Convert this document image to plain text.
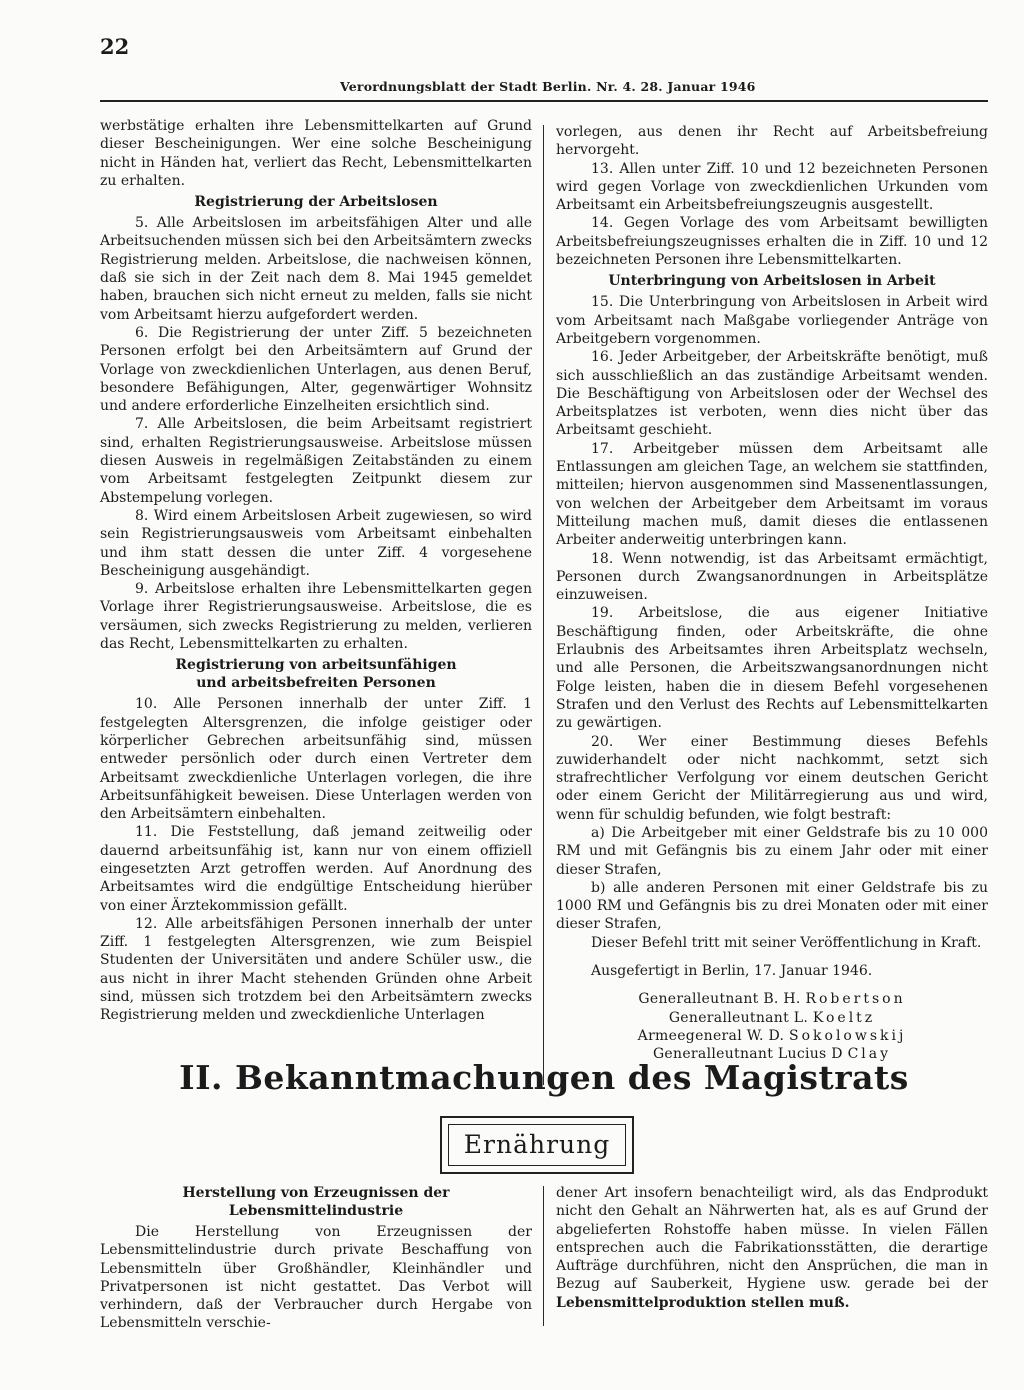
22
Verordnungsblatt der Stadt Berlin. Nr. 4. 28. Januar 1946

werbstätige erhalten ihre Lebensmittelkarten auf Grund dieser Bescheinigungen. Wer eine solche Bescheinigung nicht in Händen hat, verliert das Recht, Lebensmittelkarten zu erhalten.

Registrierung der Arbeitslosen

5. Alle Arbeitslosen im arbeitsfähigen Alter und alle Arbeitsuchenden müssen sich bei den Arbeitsämtern zwecks Registrierung melden. Arbeitslose, die nachweisen können, daß sie sich in der Zeit nach dem 8. Mai 1945 gemeldet haben, brauchen sich nicht erneut zu melden, falls sie nicht vom Arbeitsamt hierzu aufgefordert werden.

6. Die Registrierung der unter Ziff. 5 bezeichneten Personen erfolgt bei den Arbeitsämtern auf Grund der Vorlage von zweckdienlichen Unterlagen, aus denen Beruf, besondere Befähigungen, Alter, gegenwärtiger Wohnsitz und andere erforderliche Einzelheiten ersichtlich sind.

7. Alle Arbeitslosen, die beim Arbeitsamt registriert sind, erhalten Registrierungsausweise. Arbeitslose müssen diesen Ausweis in regelmäßigen Zeitabständen zu einem vom Arbeitsamt festgelegten Zeitpunkt diesem zur Abstempelung vorlegen.

8. Wird einem Arbeitslosen Arbeit zugewiesen, so wird sein Registrierungsausweis vom Arbeitsamt einbehalten und ihm statt dessen die unter Ziff. 4 vorgesehene Bescheinigung ausgehändigt.

9. Arbeitslose erhalten ihre Lebensmittelkarten gegen Vorlage ihrer Registrierungsausweise. Arbeitslose, die es versäumen, sich zwecks Registrierung zu melden, verlieren das Recht, Lebensmittelkarten zu erhalten.

Registrierung von arbeitsunfähigen und arbeitsbefreiten Personen

10. Alle Personen innerhalb der unter Ziff. 1 festgelegten Altersgrenzen, die infolge geistiger oder körperlicher Gebrechen arbeitsunfähig sind, müssen entweder persönlich oder durch einen Vertreter dem Arbeitsamt zweckdienliche Unterlagen vorlegen, die ihre Arbeitsunfähigkeit beweisen. Diese Unterlagen werden von den Arbeitsämtern einbehalten.

11. Die Feststellung, daß jemand zeitweilig oder dauernd arbeitsunfähig ist, kann nur von einem offiziell eingesetzten Arzt getroffen werden. Auf Anordnung des Arbeitsamtes wird die endgültige Entscheidung hierüber von einer Ärztekommission gefällt.

12. Alle arbeitsfähigen Personen innerhalb der unter Ziff. 1 festgelegten Altersgrenzen, wie zum Beispiel Studenten der Universitäten und andere Schüler usw., die aus nicht in ihrer Macht stehenden Gründen ohne Arbeit sind, müssen sich trotzdem bei den Arbeitsämtern zwecks Registrierung melden und zweckdienliche Unterlagen

vorlegen, aus denen ihr Recht auf Arbeitsbefreiung hervorgeht.

13. Allen unter Ziff. 10 und 12 bezeichneten Personen wird gegen Vorlage von zweckdienlichen Urkunden vom Arbeitsamt ein Arbeitsbefreiungszeugnis ausgestellt.

14. Gegen Vorlage des vom Arbeitsamt bewilligten Arbeitsbefreiungszeugnisses erhalten die in Ziff. 10 und 12 bezeichneten Personen ihre Lebensmittelkarten.

Unterbringung von Arbeitslosen in Arbeit

15. Die Unterbringung von Arbeitslosen in Arbeit wird vom Arbeitsamt nach Maßgabe vorliegender Anträge von Arbeitgebern vorgenommen.

16. Jeder Arbeitgeber, der Arbeitskräfte benötigt, muß sich ausschließlich an das zuständige Arbeitsamt wenden. Die Beschäftigung von Arbeitslosen oder der Wechsel des Arbeitsplatzes ist verboten, wenn dies nicht über das Arbeitsamt geschieht.

17. Arbeitgeber müssen dem Arbeitsamt alle Entlassungen am gleichen Tage, an welchem sie stattfinden, mitteilen; hiervon ausgenommen sind Massenentlassungen, von welchen der Arbeitgeber dem Arbeitsamt im voraus Mitteilung machen muß, damit dieses die entlassenen Arbeiter anderweitig unterbringen kann.

18. Wenn notwendig, ist das Arbeitsamt ermächtigt, Personen durch Zwangsanordnungen in Arbeitsplätze einzuweisen.

19. Arbeitslose, die aus eigener Initiative Beschäftigung finden, oder Arbeitskräfte, die ohne Erlaubnis des Arbeitsamtes ihren Arbeitsplatz wechseln, und alle Personen, die Arbeitszwangsanordnungen nicht Folge leisten, haben die in diesem Befehl vorgesehenen Strafen und den Verlust des Rechts auf Lebensmittelkarten zu gewärtigen.

20. Wer einer Bestimmung dieses Befehls zuwiderhandelt oder nicht nachkommt, setzt sich strafrechtlicher Verfolgung vor einem deutschen Gericht oder einem Gericht der Militärregierung aus und wird, wenn für schuldig befunden, wie folgt bestraft:

a) Die Arbeitgeber mit einer Geldstrafe bis zu 10 000 RM und mit Gefängnis bis zu einem Jahr oder mit einer dieser Strafen,

b) alle anderen Personen mit einer Geldstrafe bis zu 1000 RM und Gefängnis bis zu drei Monaten oder mit einer dieser Strafen,

Dieser Befehl tritt mit seiner Veröffentlichung in Kraft.

Ausgefertigt in Berlin, 17. Januar 1946.

Generalleutnant B. H. Robertson

Generalleutnant L. Koeltz

Armeegeneral W. D. Sokolowskij

Generalleutnant Lucius D Clay

II. Bekanntmachungen des Magistrats
Ernährung
Herstellung von Erzeugnissen der Lebensmittelindustrie

Die Herstellung von Erzeugnissen der Lebensmittelindustrie durch private Beschaffung von Lebensmitteln über Großhändler, Kleinhändler und Privatpersonen ist nicht gestattet. Das Verbot will verhindern, daß der Verbraucher durch Hergabe von Lebensmitteln verschie-

dener Art insofern benachteiligt wird, als das Endprodukt nicht den Gehalt an Nährwerten hat, als es auf Grund der abgelieferten Rohstoffe haben müsse. In vielen Fällen entsprechen auch die Fabrikationsstätten, die derartige Aufträge durchführen, nicht den Ansprüchen, die man in Bezug auf Sauberkeit, Hygiene usw. gerade bei der Lebensmittelproduktion stellen muß.
